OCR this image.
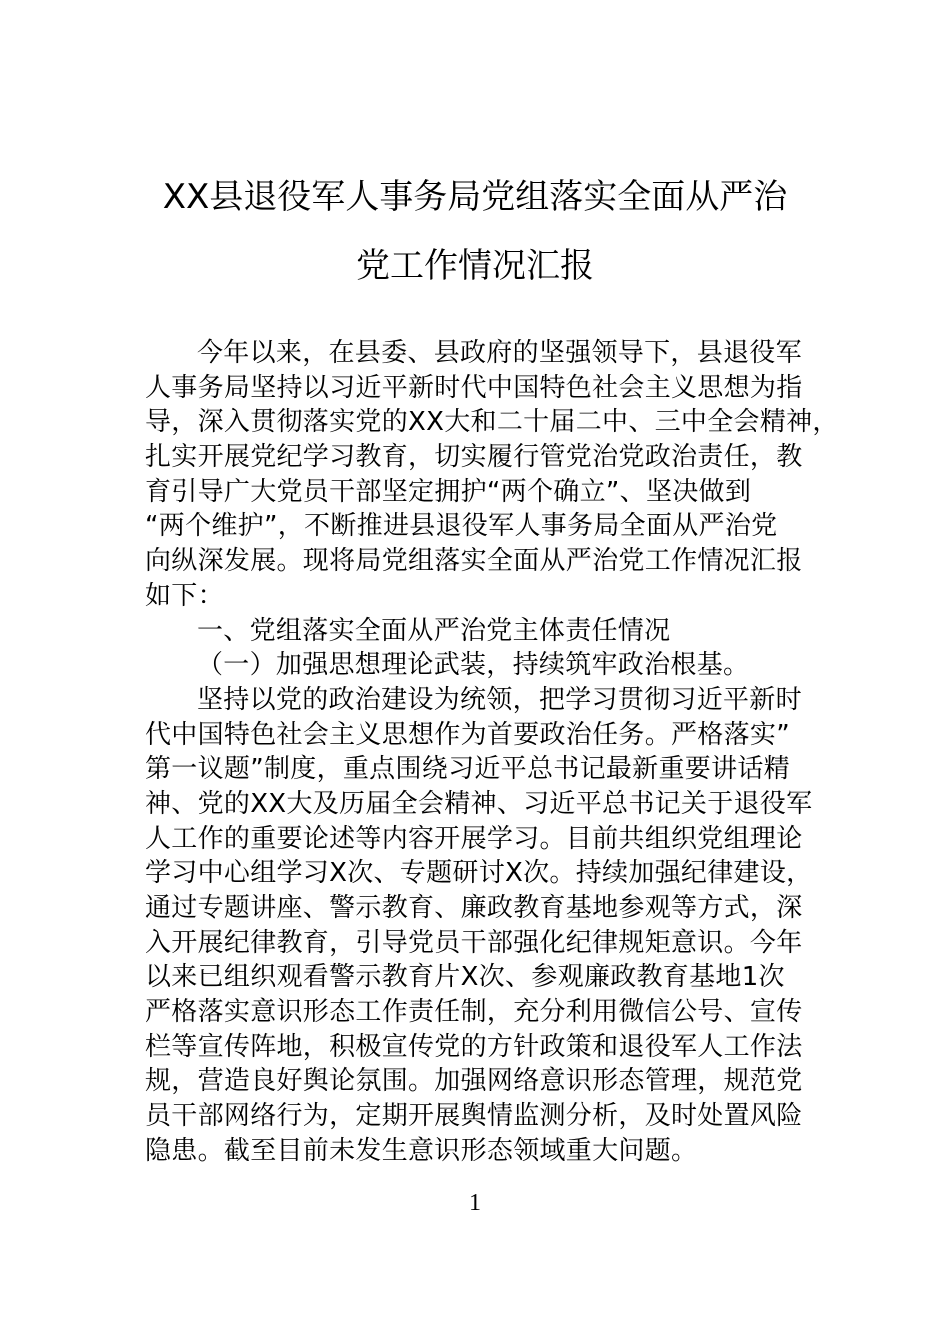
XX县退役军人事务局党组落实全面从严治
党工作情况汇报
今年以来，在县委、县政府的坚强领导下，县退役军
人事务局坚持以习近平新时代中国特色社会主义思想为指
导，深入贯彻落实党的XX大和二十届二中、三中全会精神，
扎实开展党纪学习教育，切实履行管党治党政治责任，教
育引导广大党员干部坚定拥护“两个确立”、坚决做到
“两个维护”，不断推进县退役军人事务局全面从严治党
向纵深发展。现将局党组落实全面从严治党工作情况汇报
如下：
一、党组落实全面从严治党主体责任情况
（一）加强思想理论武装，持续筑牢政治根基。
坚持以党的政治建设为统领，把学习贯彻习近平新时
代中国特色社会主义思想作为首要政治任务。严格落实”
第一议题”制度，重点围绕习近平总书记最新重要讲话精
神、党的XX大及历届全会精神、习近平总书记关于退役军
人工作的重要论述等内容开展学习。目前共组织党组理论
学习中心组学习X次、专题研讨X次。持续加强纪律建设，
通过专题讲座、警示教育、廉政教育基地参观等方式，深
入开展纪律教育，引导党员干部强化纪律规矩意识。今年
以来已组织观看警示教育片X次、参观廉政教育基地1次
严格落实意识形态工作责任制，充分利用微信公号、宣传
栏等宣传阵地，积极宣传党的方针政策和退役军人工作法
规，营造良好舆论氛围。加强网络意识形态管理，规范党
员干部网络行为，定期开展舆情监测分析，及时处置风险
隐患。截至目前未发生意识形态领域重大问题。
1
